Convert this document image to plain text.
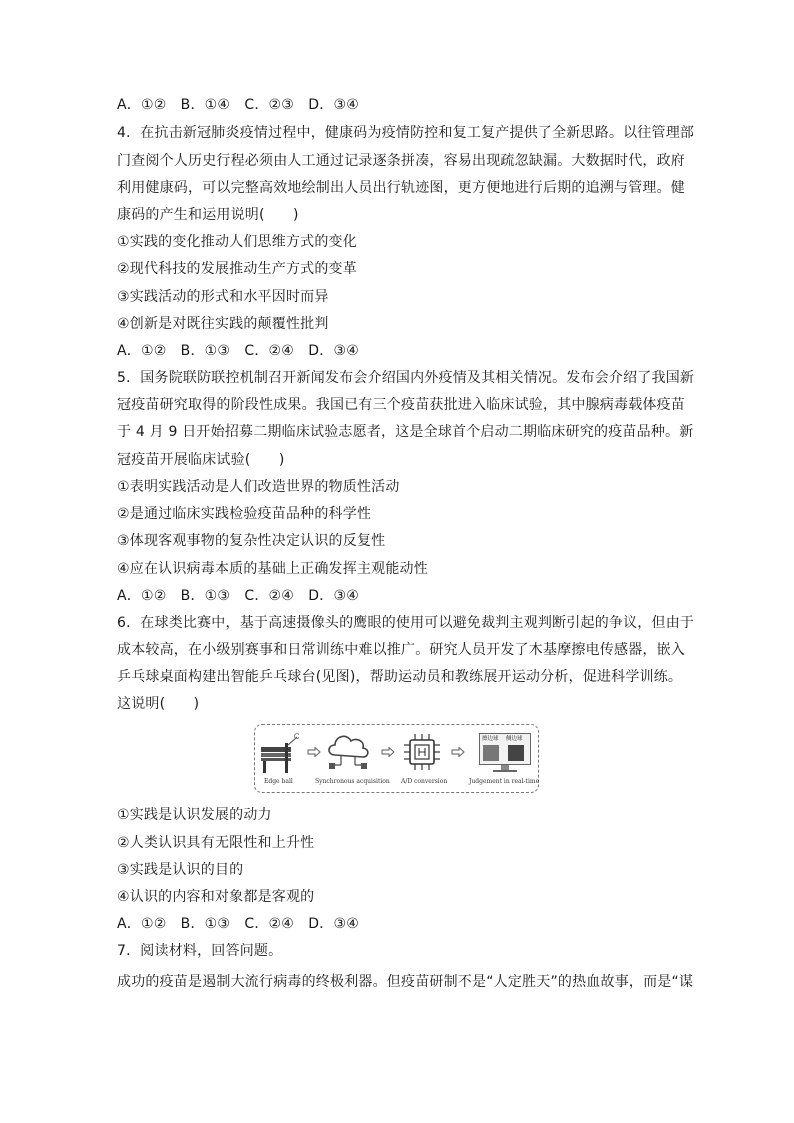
A．①②　B．①④　C．②③　D．③④
4．在抗击新冠肺炎疫情过程中，健康码为疫情防控和复工复产提供了全新思路。以往管理部
门查阅个人历史行程必须由人工通过记录逐条拼凑，容易出现疏忽缺漏。大数据时代，政府
利用健康码，可以完整高效地绘制出人员出行轨迹图，更方便地进行后期的追溯与管理。健
康码的产生和运用说明(　　)
①实践的变化推动人们思维方式的变化
②现代科技的发展推动生产方式的变革
③实践活动的形式和水平因时而异
④创新是对既往实践的颠覆性批判
A．①②　B．①③　C．②④　D．③④
5．国务院联防联控机制召开新闻发布会介绍国内外疫情及其相关情况。发布会介绍了我国新
冠疫苗研究取得的阶段性成果。我国已有三个疫苗获批进入临床试验，其中腺病毒载体疫苗
于 4 月 9 日开始招募二期临床试验志愿者，这是全球首个启动二期临床研究的疫苗品种。新
冠疫苗开展临床试验(　　)
①表明实践活动是人们改造世界的物质性活动
②是通过临床实践检验疫苗品种的科学性
③体现客观事物的复杂性决定认识的反复性
④应在认识病毒本质的基础上正确发挥主观能动性
A．①②　B．①③　C．②④　D．③④
6．在球类比赛中，基于高速摄像头的鹰眼的使用可以避免裁判主观判断引起的争议，但由于
成本较高，在小级别赛事和日常训练中难以推广。研究人员开发了木基摩擦电传感器，嵌入
乒乓球桌面构建出智能乒乓球台(见图)，帮助运动员和教练展开运动分析，促进科学训练。
这说明(　　)
Edge ball	Synchronous acquisition A/D conversion
擦边球 侧边球
Judgement in real-time
①实践是认识发展的动力
②人类认识具有无限性和上升性
③实践是认识的目的
④认识的内容和对象都是客观的
A．①②　B．①③　C．②④　D．③④
7．阅读材料，回答问题。
成功的疫苗是遏制大流行病毒的终极利器。但疫苗研制不是“人定胜天”的热血故事，而是“谋
